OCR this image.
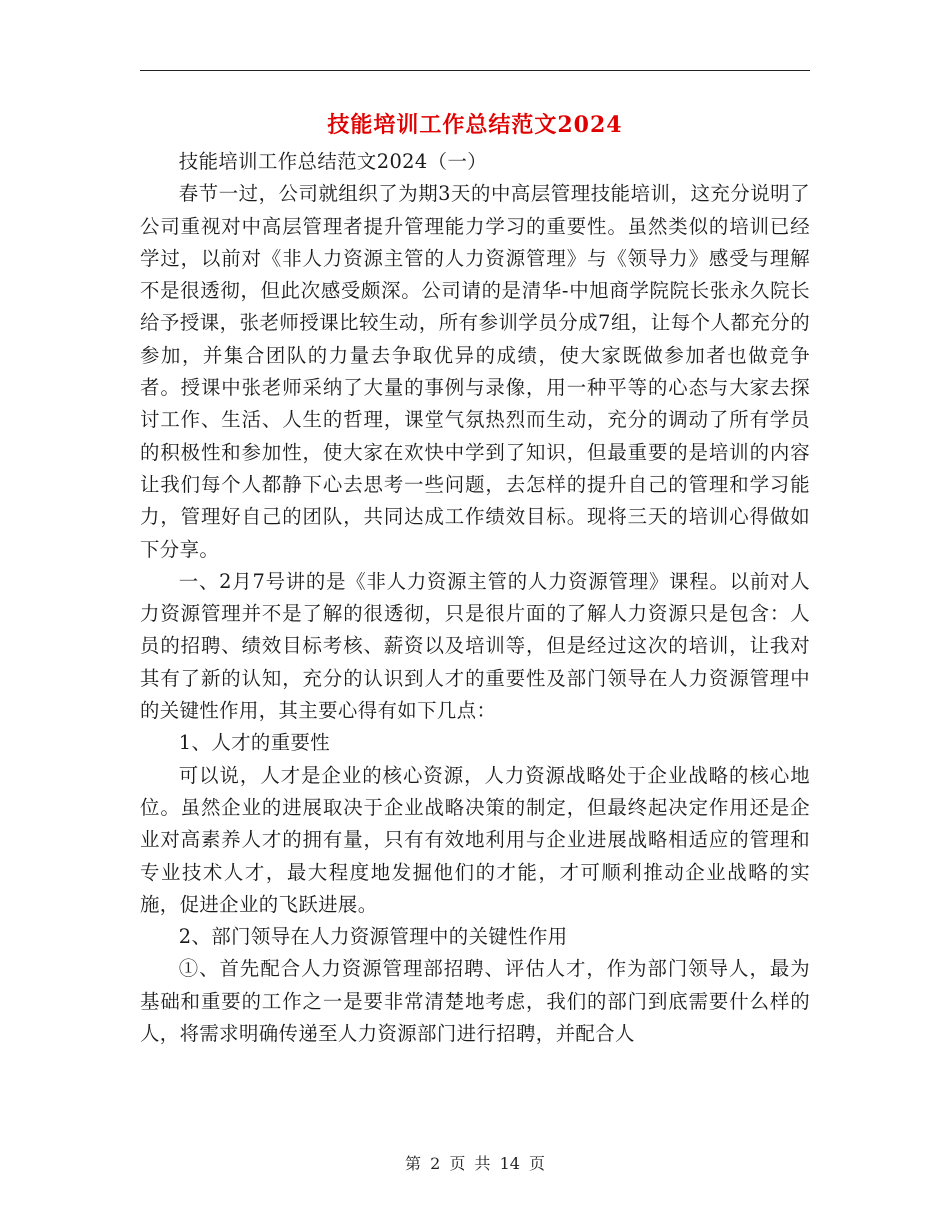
技能培训工作总结范文2024

技能培训工作总结范文2024（一）

春节一过，公司就组织了为期3天的中高层管理技能培训，这充分说明了公司重视对中高层管理者提升管理能力学习的重要性。虽然类似的培训已经学过，以前对《非人力资源主管的人力资源管理》与《领导力》感受与理解不是很透彻，但此次感受颇深。公司请的是清华-中旭商学院院长张永久院长给予授课，张老师授课比较生动，所有参训学员分成7组，让每个人都充分的参加，并集合团队的力量去争取优异的成绩，使大家既做参加者也做竞争者。授课中张老师采纳了大量的事例与录像，用一种平等的心态与大家去探讨工作、生活、人生的哲理，课堂气氛热烈而生动，充分的调动了所有学员的积极性和参加性，使大家在欢快中学到了知识，但最重要的是培训的内容让我们每个人都静下心去思考一些问题，去怎样的提升自己的管理和学习能力，管理好自己的团队，共同达成工作绩效目标。现将三天的培训心得做如下分享。

一、2月7号讲的是《非人力资源主管的人力资源管理》课程。以前对人力资源管理并不是了解的很透彻，只是很片面的了解人力资源只是包含：人员的招聘、绩效目标考核、薪资以及培训等，但是经过这次的培训，让我对其有了新的认知，充分的认识到人才的重要性及部门领导在人力资源管理中的关键性作用，其主要心得有如下几点：

1、人才的重要性

可以说，人才是企业的核心资源，人力资源战略处于企业战略的核心地位。虽然企业的进展取决于企业战略决策的制定，但最终起决定作用还是企业对高素养人才的拥有量，只有有效地利用与企业进展战略相适应的管理和专业技术人才，最大程度地发掘他们的才能，才可顺利推动企业战略的实施，促进企业的飞跃进展。

2、部门领导在人力资源管理中的关键性作用

①、首先配合人力资源管理部招聘、评估人才，作为部门领导人，最为基础和重要的工作之一是要非常清楚地考虑，我们的部门到底需要什么样的人，将需求明确传递至人力资源部门进行招聘，并配合人

第 2 页 共 14 页
